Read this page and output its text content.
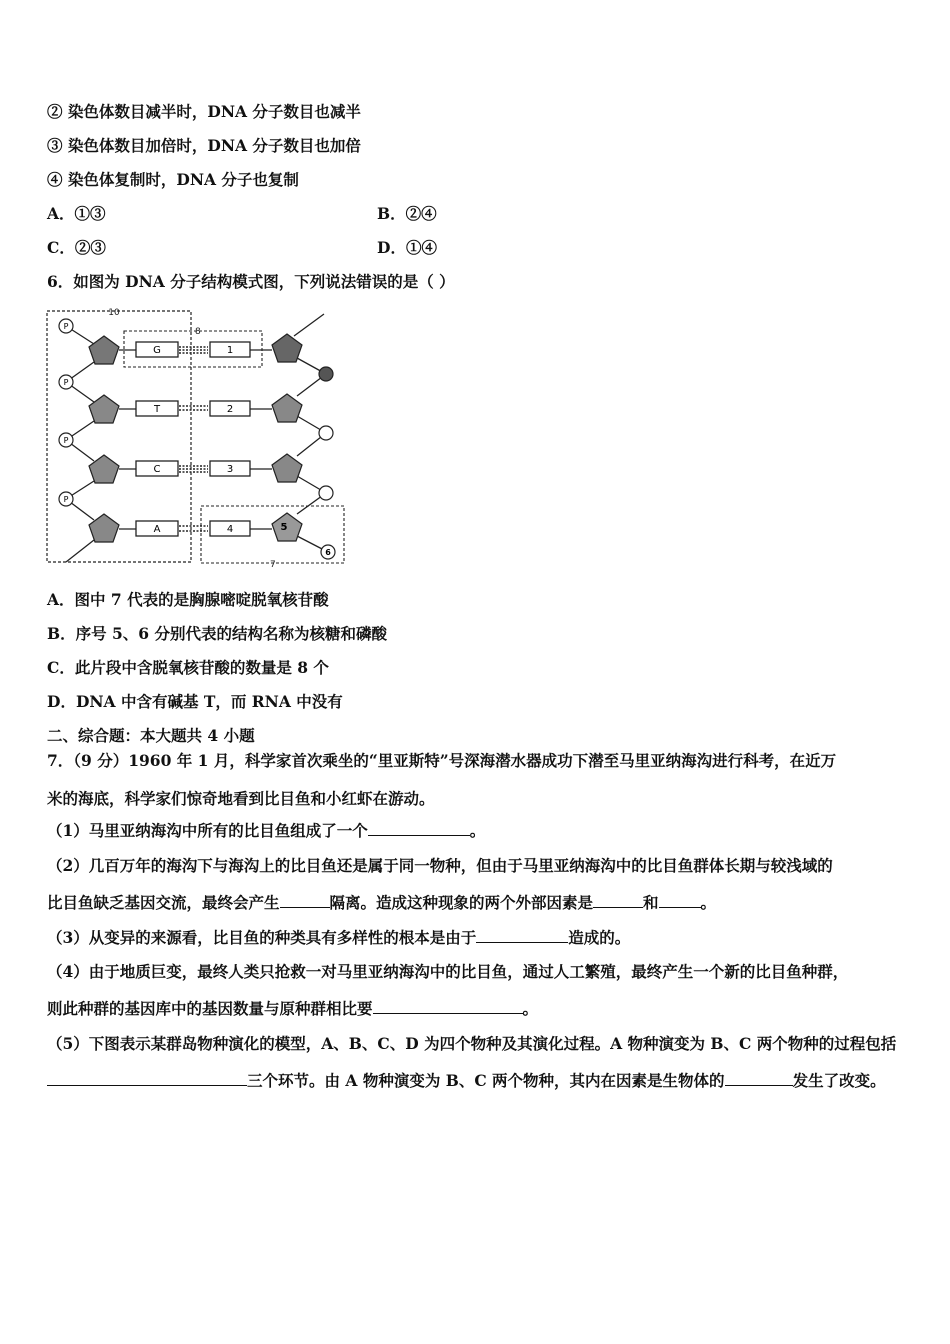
② 染色体数目减半时，DNA 分子数目也减半
③ 染色体数目加倍时，DNA 分子数目也加倍
④ 染色体复制时，DNA 分子也复制
A．①③	B．②④
C．②③	D．①④
6．如图为 DNA 分子结构模式图，下列说法错误的是（ ）
10
8
7
P
P
P
P
5
6
G
T
C
A
1
2
3
4
A．图中 7 代表的是胸腺嘧啶脱氧核苷酸
B．序号 5、6 分别代表的结构名称为核糖和磷酸
C．此片段中含脱氧核苷酸的数量是 8 个
D．DNA 中含有碱基 T，而 RNA 中没有
二、综合题：本大题共 4 小题
7．（9 分）1960 年 1 月，科学家首次乘坐的“里亚斯特”号深海潜水器成功下潜至马里亚纳海沟进行科考，在近万
米的海底，科学家们惊奇地看到比目鱼和小红虾在游动。
（1）马里亚纳海沟中所有的比目鱼组成了一个	。
（2）几百万年的海沟下与海沟上的比目鱼还是属于同一物种，但由于马里亚纳海沟中的比目鱼群体长期与较浅域的
比目鱼缺乏基因交流，最终会产生	隔离。造成这种现象的两个外部因素是	和	。
（3）从变异的来源看，比目鱼的种类具有多样性的根本是由于	造成的。
（4）由于地质巨变，最终人类只抢救一对马里亚纳海沟中的比目鱼，通过人工繁殖，最终产生一个新的比目鱼种群，
则此种群的基因库中的基因数量与原种群相比要	。
（5）下图表示某群岛物种演化的模型，A、B、C、D 为四个物种及其演化过程。A 物种演变为 B、C 两个物种的过程包括
三个环节。由 A 物种演变为 B、C 两个物种，其内在因素是生物体的	发生了改变。
